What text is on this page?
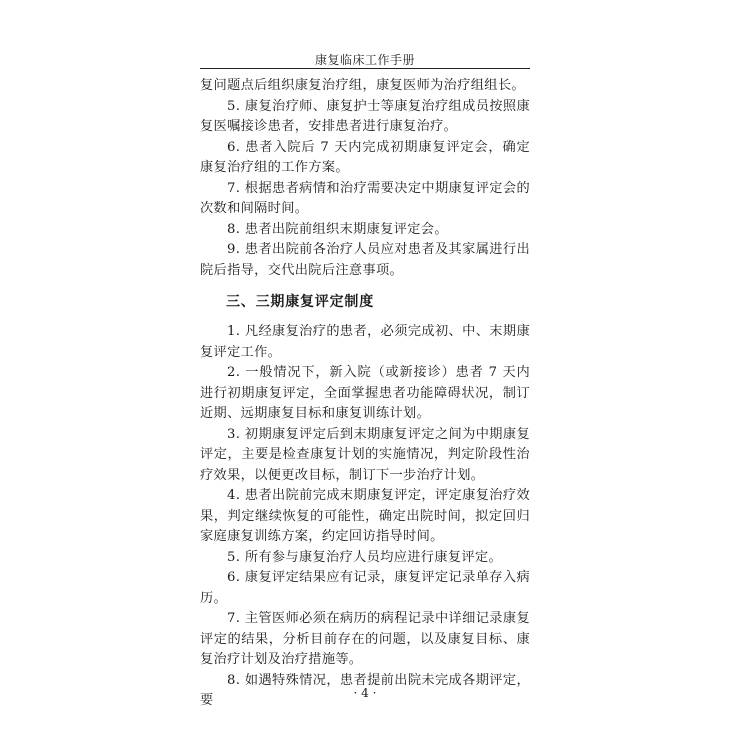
康复临床工作手册

复问题点后组织康复治疗组，康复医师为治疗组组长。

5. 康复治疗师、康复护士等康复治疗组成员按照康复医嘱接诊患者，安排患者进行康复治疗。

6. 患者入院后 7 天内完成初期康复评定会，确定康复治疗组的工作方案。

7. 根据患者病情和治疗需要决定中期康复评定会的次数和间隔时间。

8. 患者出院前组织末期康复评定会。

9. 患者出院前各治疗人员应对患者及其家属进行出院后指导，交代出院后注意事项。

三、三期康复评定制度

1. 凡经康复治疗的患者，必须完成初、中、末期康复评定工作。

2. 一般情况下，新入院（或新接诊）患者 7 天内进行初期康复评定，全面掌握患者功能障碍状况，制订近期、远期康复目标和康复训练计划。

3. 初期康复评定后到末期康复评定之间为中期康复评定，主要是检查康复计划的实施情况，判定阶段性治疗效果，以便更改目标，制订下一步治疗计划。

4. 患者出院前完成末期康复评定，评定康复治疗效果，判定继续恢复的可能性，确定出院时间，拟定回归家庭康复训练方案，约定回访指导时间。

5. 所有参与康复治疗人员均应进行康复评定。

6. 康复评定结果应有记录，康复评定记录单存入病历。

7. 主管医师必须在病历的病程记录中详细记录康复评定的结果，分析目前存在的问题，以及康复目标、康复治疗计划及治疗措施等。

8. 如遇特殊情况，患者提前出院未完成各期评定，要	· 4 ·
